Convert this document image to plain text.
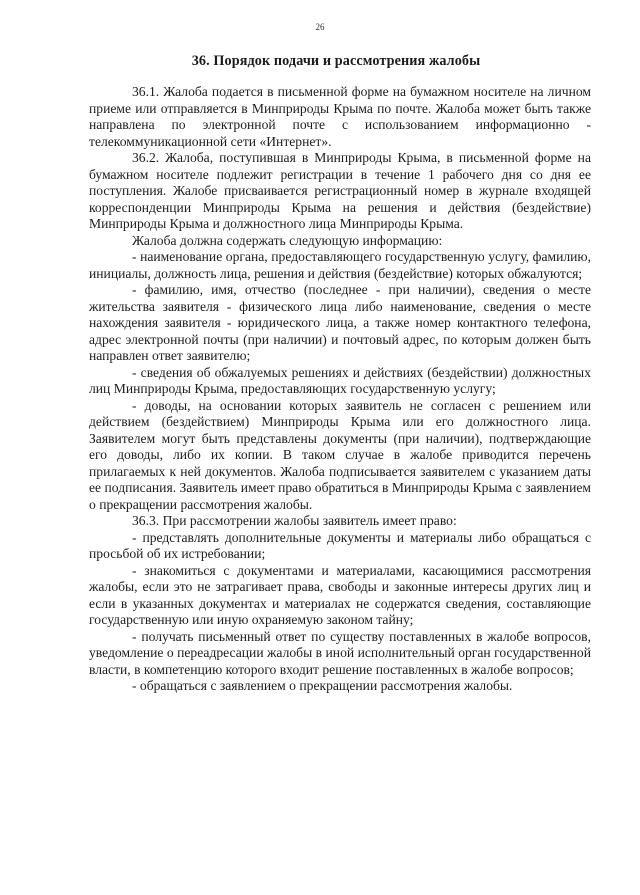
26
36. Порядок подачи и рассмотрения жалобы

36.1. Жалоба подается в письменной форме на бумажном носителе на личном приеме или отправляется в Минприроды Крыма по почте. Жалоба может быть также направлена по электронной почте с использованием информационно - телекоммуникационной сети «Интернет».

36.2. Жалоба, поступившая в Минприроды Крыма, в письменной форме на бумажном носителе подлежит регистрации в течение 1 рабочего дня со дня ее поступления. Жалобе присваивается регистрационный номер в журнале входящей корреспонденции Минприроды Крыма на решения и действия (бездействие) Минприроды Крыма и должностного лица Минприроды Крыма.

Жалоба должна содержать следующую информацию:

- наименование органа, предоставляющего государственную услугу, фамилию, инициалы, должность лица, решения и действия (бездействие) которых обжалуются;

- фамилию, имя, отчество (последнее - при наличии), сведения о месте жительства заявителя - физического лица либо наименование, сведения о месте нахождения заявителя - юридического лица, а также номер контактного телефона, адрес электронной почты (при наличии) и почтовый адрес, по которым должен быть направлен ответ заявителю;

- сведения об обжалуемых решениях и действиях (бездействии) должностных лиц Минприроды Крыма, предоставляющих государственную услугу;

- доводы, на основании которых заявитель не согласен с решением или действием (бездействием) Минприроды Крыма или его должностного лица. Заявителем могут быть представлены документы (при наличии), подтверждающие его доводы, либо их копии. В таком случае в жалобе приводится перечень прилагаемых к ней документов. Жалоба подписывается заявителем с указанием даты ее подписания. Заявитель имеет право обратиться в Минприроды Крыма с заявлением о прекращении рассмотрения жалобы.

36.3. При рассмотрении жалобы заявитель имеет право:

- представлять дополнительные документы и материалы либо обращаться с просьбой об их истребовании;

- знакомиться с документами и материалами, касающимися рассмотрения жалобы, если это не затрагивает права, свободы и законные интересы других лиц и если в указанных документах и материалах не содержатся сведения, составляющие государственную или иную охраняемую законом тайну;

- получать письменный ответ по существу поставленных в жалобе вопросов, уведомление о переадресации жалобы в иной исполнительный орган государственной власти, в компетенцию которого входит решение поставленных в жалобе вопросов;

- обращаться с заявлением о прекращении рассмотрения жалобы.
